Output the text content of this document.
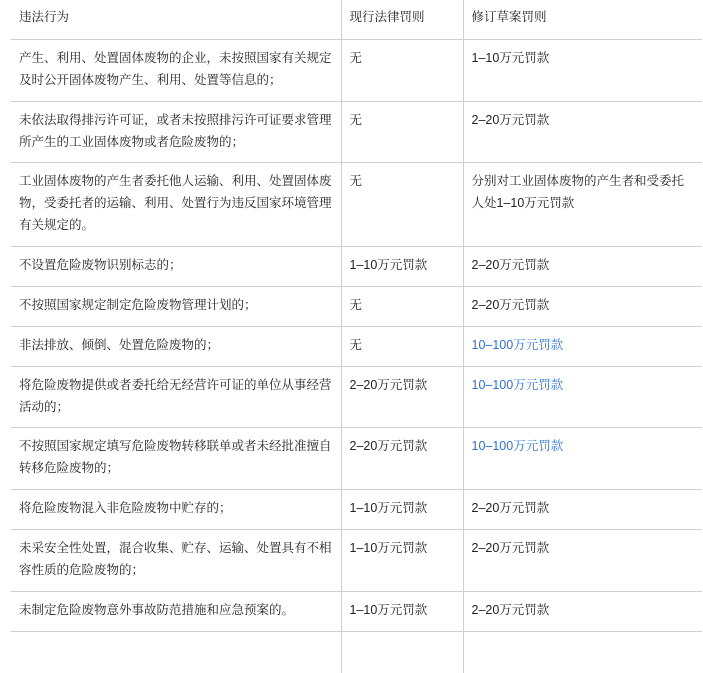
违法行为	现行法律罚则	修订草案罚则
产生、利用、处置固体废物的企业，未按照国家有关规定及时公开固体废物产生、利用、处置等信息的；	无	1–10万元罚款

未依法取得排污许可证，或者未按照排污许可证要求管理所产生的工业固体废物或者危险废物的；	无	2–20万元罚款

工业固体废物的产生者委托他人运输、利用、处置固体废物，受委托者的运输、利用、处置行为违反国家环境管理有关规定的。	无	分别对工业固体废物的产生者和受委托人处1–10万元罚款

不设置危险废物识别标志的；	1–10万元罚款	2–20万元罚款

不按照国家规定制定危险废物管理计划的；	无	2–20万元罚款

非法排放、倾倒、处置危险废物的；	无	10–100万元罚款

将危险废物提供或者委托给无经营许可证的单位从事经营活动的；	2–20万元罚款	10–100万元罚款

不按照国家规定填写危险废物转移联单或者未经批准擅自转移危险废物的；	2–20万元罚款	10–100万元罚款

将危险废物混入非危险废物中贮存的；	1–10万元罚款	2–20万元罚款

未采安全性处置，混合收集、贮存、运输、处置具有不相容性质的危险废物的；	1–10万元罚款	2–20万元罚款

未制定危险废物意外事故防范措施和应急预案的。	1–10万元罚款	2–20万元罚款
